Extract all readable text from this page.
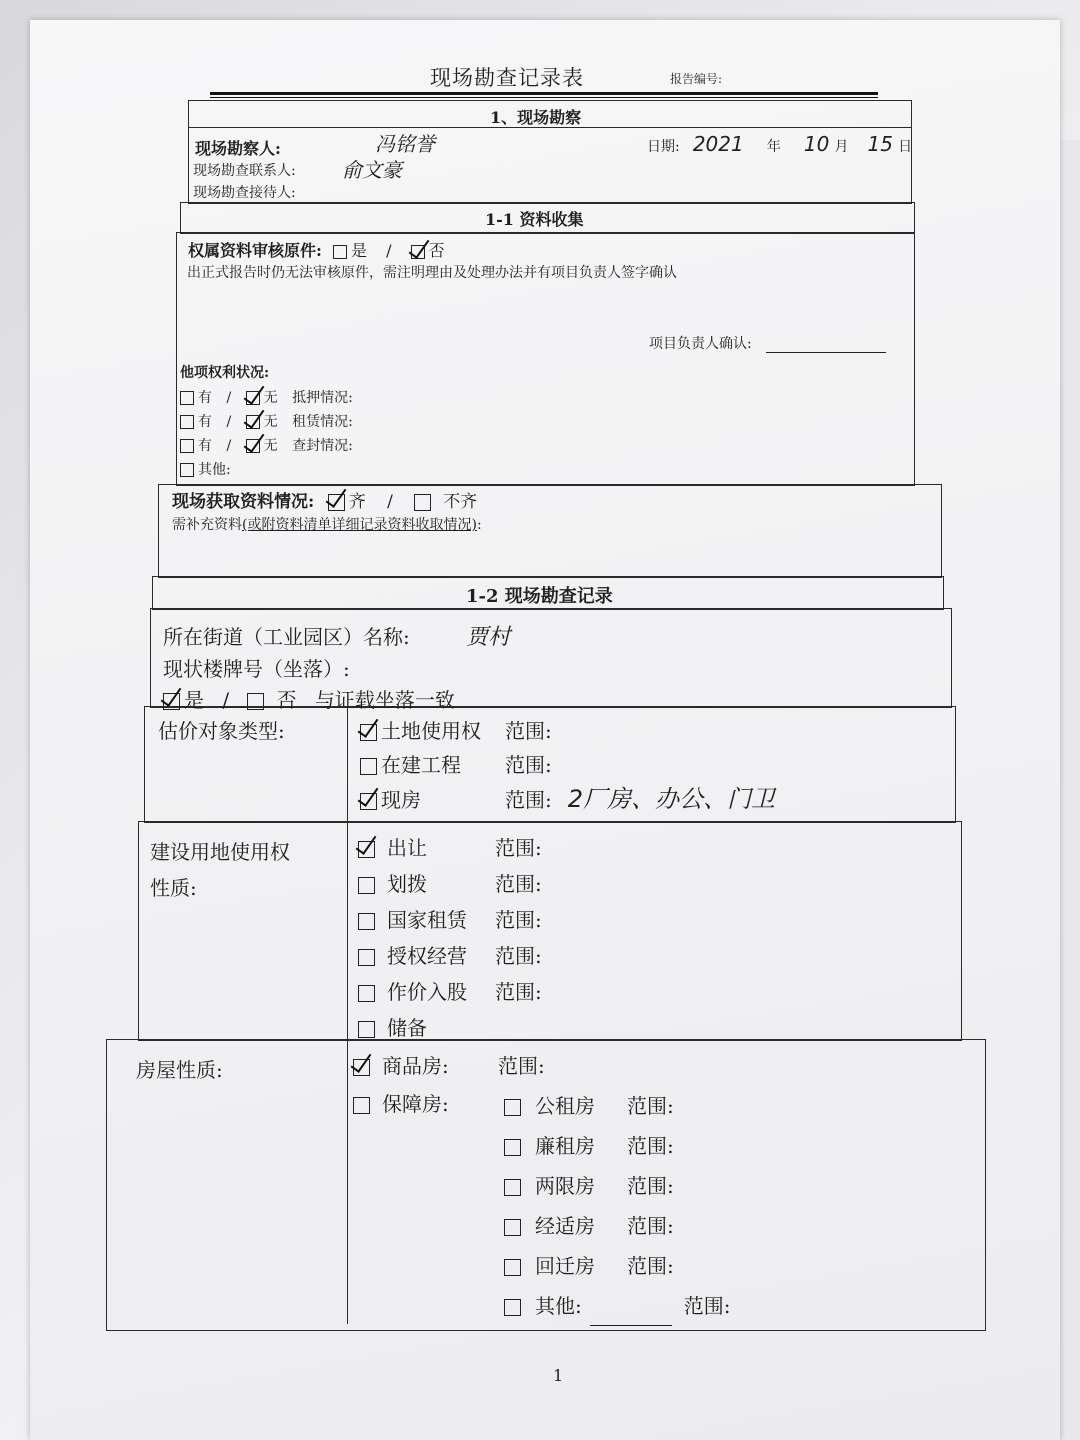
现场勘查记录表	报告编号:
1、现场勘察
现场勘察人:	冯铭誉
现场勘查联系人: 俞文豪
现场勘查接待人:
日期: 2021 年 10 月 15 日
1-1 资料收集
权属资料审核原件: 是 / 否
出正式报告时仍无法审核原件，需注明理由及处理办法并有项目负责人签字确认
项目负责人确认:
他项权利状况:
有 / 无 抵押情况:
有 / 无 租赁情况:
有 / 无 查封情况:
其他:
现场获取资料情况: 齐 /	不齐
需补充资料(或附资料清单详细记录资料收取情况):
1-2 现场勘查记录
所在街道（工业园区）名称:	贾村
现状楼牌号（坐落）:
是 / 否 与证载坐落一致
估价对象类型:	土地使用权 范围:
在建工程 范围:
现房	范围: 2厂房、办公、门卫
建设用地使用权
性质:
出让	范围:
划拨	范围:
国家租赁 范围:
授权经营 范围:
作价入股 范围:
储备
房屋性质:	商品房: 范围:
保障房:	公租房 范围:
廉租房 范围:
两限房 范围:
经适房 范围:
回迁房 范围:
其他:	范围:
1
